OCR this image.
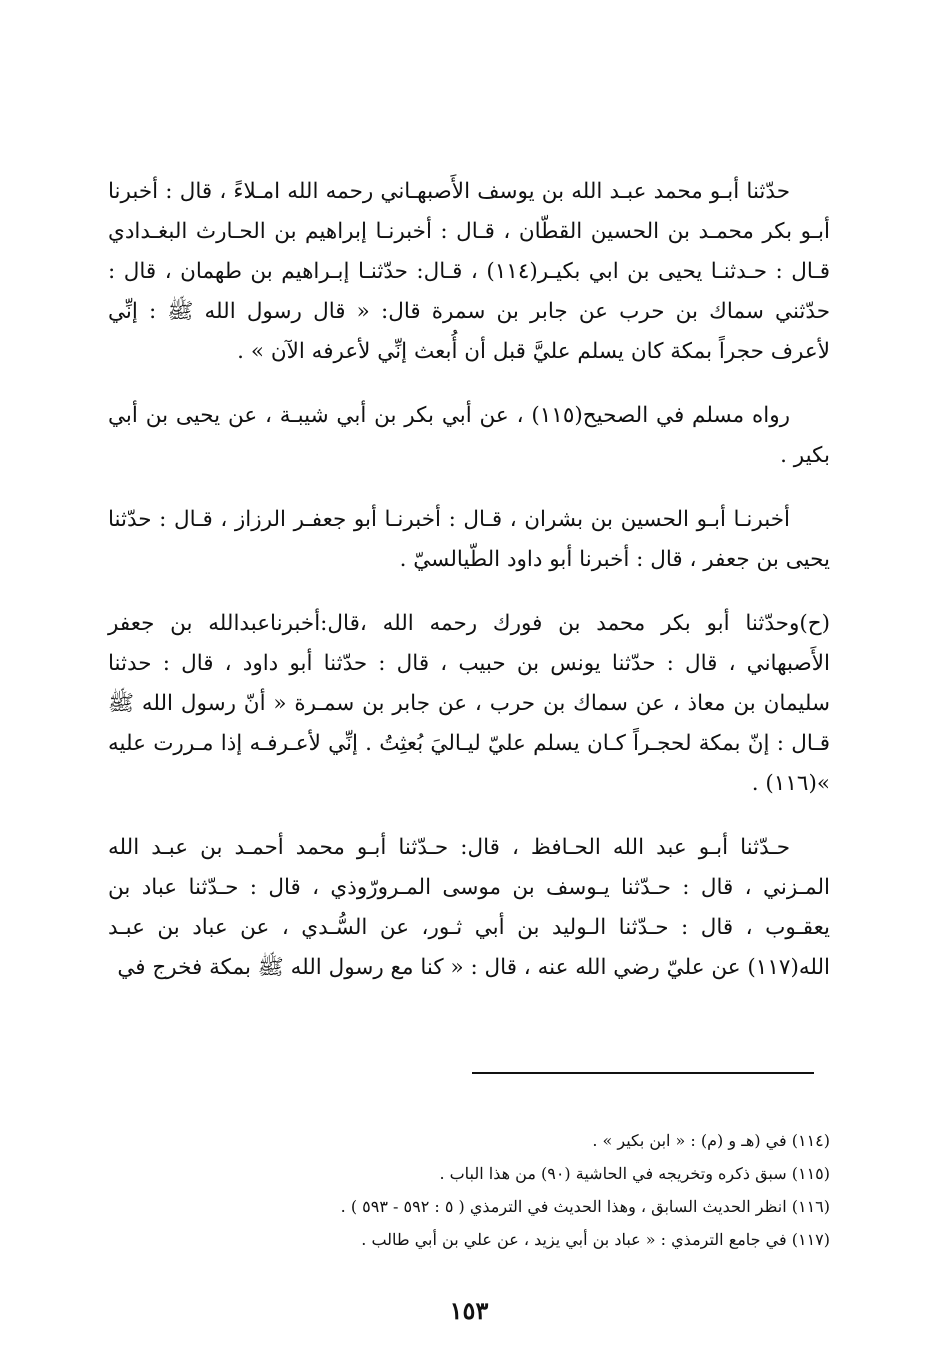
حدّثنا أبـو محمد عبـد الله بن يوسف الأَصبهـاني رحمه الله امـلاءً ، قال : أخبرنا أبـو بكر محمـد بن الحسين القطّان ، قـال : أخبرنـا إبراهيم بن الحـارث البغـدادي قـال : حـدثنـا يحيى بن ابي بكيـر(١١٤) ، قـال: حدّثنـا إبـراهيم بن طهمان ، قال : حدّثني سماك بن حرب عن جابر بن سمرة قال: « قال رسول الله ﷺ : إنِّي لأعرف حجراً بمكة كان يسلم عليَّ قبل أن أُبعث إنِّي لأعرفه الآن » .

رواه مسلم في الصحيح(١١٥) ، عن أبي بكر بن أبي شيبـة ، عن يحيى بن أبي بكير .

أخبرنـا أبـو الحسين بن بشران ، قـال : أخبرنـا أبو جعفـر الرزاز ، قـال : حدّثنا يحيى بن جعفر ، قال : أخبرنا أبو داود الطّيالسيّ .

(ح)وحدّثنا أبو بكر محمد بن فورك رحمه الله ،قال:أخبرناعبدالله بن جعفر الأَصبهاني ، قال : حدّثنا يونس بن حبيب ، قال : حدّثنا أبو داود ، قال : حدثنا سليمان بن معاذ ، عن سماك بن حرب ، عن جابر بن سمـرة « أنّ رسول الله ﷺ قـال : إنّ بمكة لحجـراً كـان يسلم عليّ ليـاليَ بُعثِتُ . إنِّي لأعـرفـه إذا مـررت عليه »(١١٦) .

حـدّثنا أبـو عبد الله الحـافظ ، قال: حـدّثنا أبـو محمد أحمـد بن عبـد الله المـزني ، قال : حـدّثنا يـوسف بن موسى المـرورّوذي ، قال : حـدّثنا عباد بن يعقـوب ، قال : حـدّثنا الـوليد بن أبي ثـور، عن السُّـدي ، عن عباد بن عبـد الله(١١٧) عن عليّ رضي الله عنه ، قال : « كنا مع رسول الله ﷺ بمكة فخرج في

(١١٤) في (هـ و (م) : « ابن بكير » .
(١١٥) سبق ذكره وتخريجه في الحاشية (٩٠) من هذا الباب .
(١١٦) انظر الحديث السابق ، وهذا الحديث في الترمذي ( ٥ : ٥٩٢ - ٥٩٣ ) .
(١١٧) في جامع الترمذي : « عباد بن أبي يزيد ، عن علي بن أبي طالب .
١٥٣
